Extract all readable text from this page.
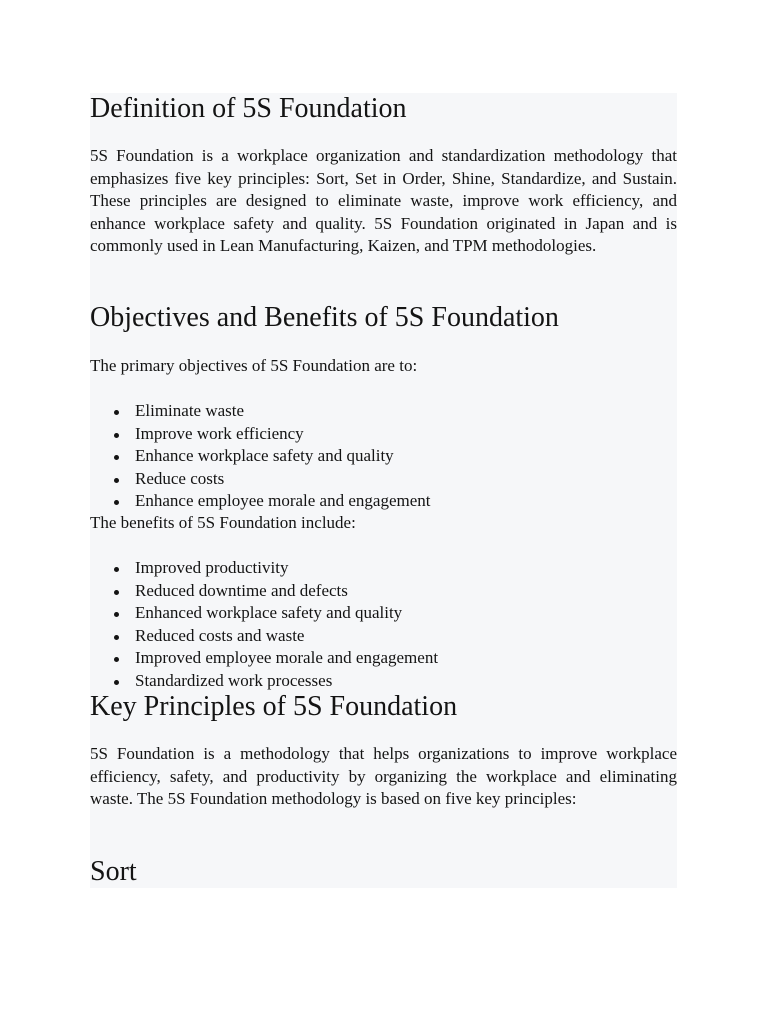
Definition of 5S Foundation

5S Foundation is a workplace organization and standardization methodology that emphasizes five key principles: Sort, Set in Order, Shine, Standardize, and Sustain. These principles are designed to eliminate waste, improve work efficiency, and enhance workplace safety and quality. 5S Foundation originated in Japan and is commonly used in Lean Manufacturing, Kaizen, and TPM methodologies.

Objectives and Benefits of 5S Foundation

The primary objectives of 5S Foundation are to:

Eliminate waste
Improve work efficiency
Enhance workplace safety and quality
Reduce costs
Enhance employee morale and engagement

The benefits of 5S Foundation include:

Improved productivity
Reduced downtime and defects
Enhanced workplace safety and quality
Reduced costs and waste
Improved employee morale and engagement
Standardized work processes
Key Principles of 5S Foundation

5S Foundation is a methodology that helps organizations to improve workplace efficiency, safety, and productivity by organizing the workplace and eliminating waste. The 5S Foundation methodology is based on five key principles:

Sort
